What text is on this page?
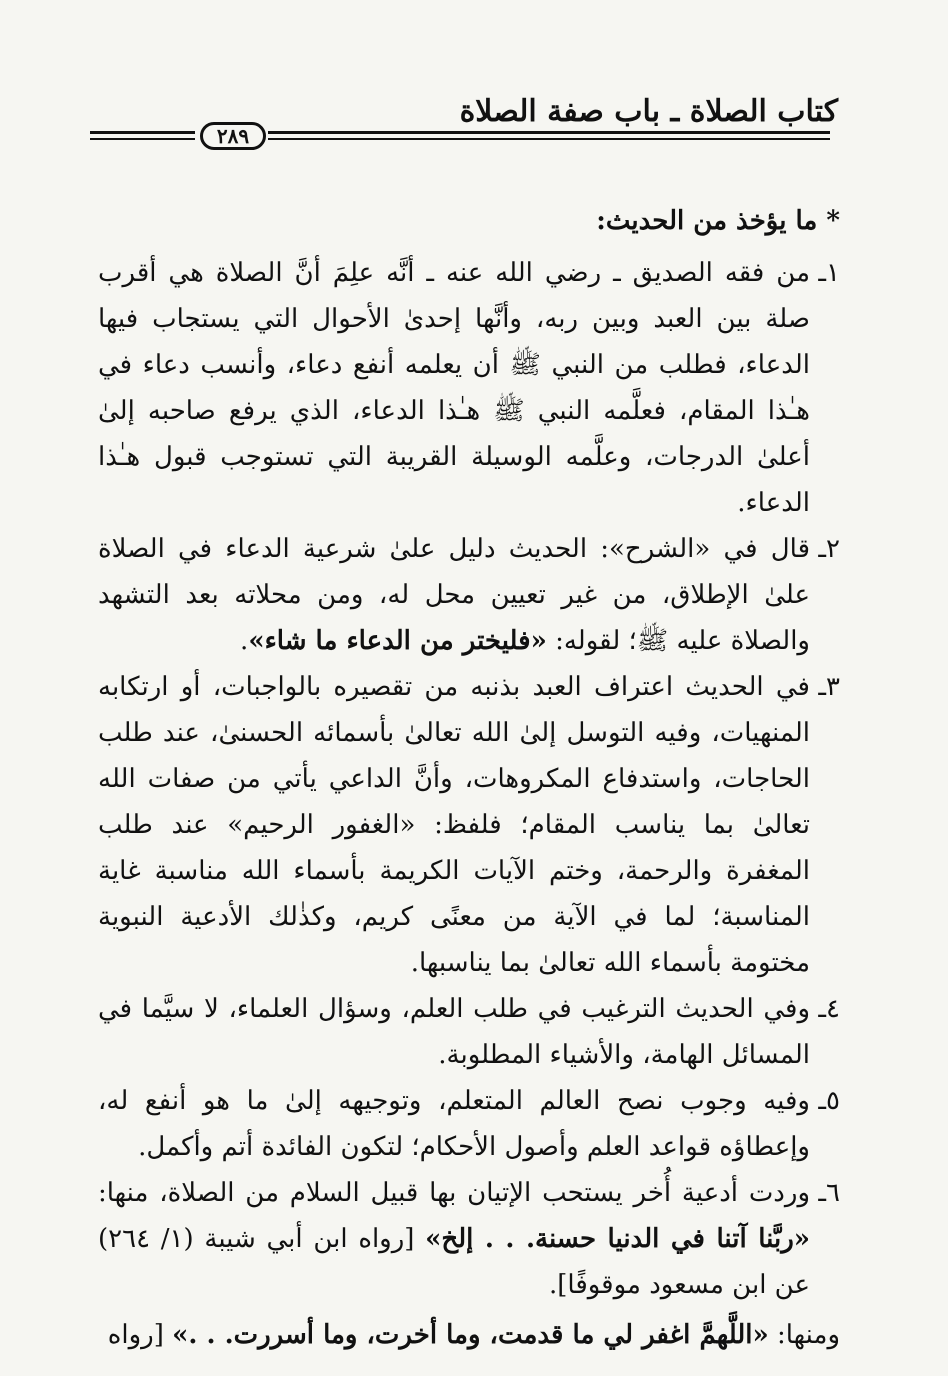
كتاب الصلاة ـ باب صفة الصلاة
٢٨٩

* ما يؤخذ من الحديث:

١ـ
من فقه الصديق ـ رضي الله عنه ـ أنَّه علِمَ أنَّ الصلاة هي أقرب صلة بين العبد وبين ربه، وأنَّها إحدىٰ الأحوال التي يستجاب فيها الدعاء، فطلب من النبي ﷺ أن يعلمه أنفع دعاء، وأنسب دعاء في هـٰذا المقام، فعلَّمه النبي ﷺ هـٰذا الدعاء، الذي يرفع صاحبه إلىٰ أعلىٰ الدرجات، وعلَّمه الوسيلة القريبة التي تستوجب قبول هـٰذا الدعاء.

٢ـ
قال في «الشرح»: الحديث دليل علىٰ شرعية الدعاء في الصلاة علىٰ الإطلاق، من غير تعيين محل له، ومن محلاته بعد التشهد والصلاة عليه ﷺ؛ لقوله: «فليختر من الدعاء ما شاء».

٣ـ
في الحديث اعتراف العبد بذنبه من تقصيره بالواجبات، أو ارتكابه المنهيات، وفيه التوسل إلىٰ الله تعالىٰ بأسمائه الحسنىٰ، عند طلب الحاجات، واستدفاع المكروهات، وأنَّ الداعي يأتي من صفات الله تعالىٰ بما يناسب المقام؛ فلفظ: «الغفور الرحيم» عند طلب المغفرة والرحمة، وختم الآيات الكريمة بأسماء الله مناسبة غاية المناسبة؛ لما في الآية من معنًى كريم، وكذٰلك الأدعية النبوية مختومة بأسماء الله تعالىٰ بما يناسبها.

٤ـ
وفي الحديث الترغيب في طلب العلم، وسؤال العلماء، لا سيَّما في المسائل الهامة، والأشياء المطلوبة.

٥ـ
وفيه وجوب نصح العالم المتعلم، وتوجيهه إلىٰ ما هو أنفع له، وإعطاؤه قواعد العلم وأصول الأحكام؛ لتكون الفائدة أتم وأكمل.

٦ـ
وردت أدعية أُخر يستحب الإتيان بها قبيل السلام من الصلاة، منها: «ربَّنا آتنا في الدنيا حسنة. . . إلخ» [رواه ابن أبي شيبة (١/ ٢٦٤) عن ابن مسعود موقوفًا].

ومنها: «اللَّهمَّ اغفر لي ما قدمت، وما أخرت، وما أسررت. . .» [رواه
